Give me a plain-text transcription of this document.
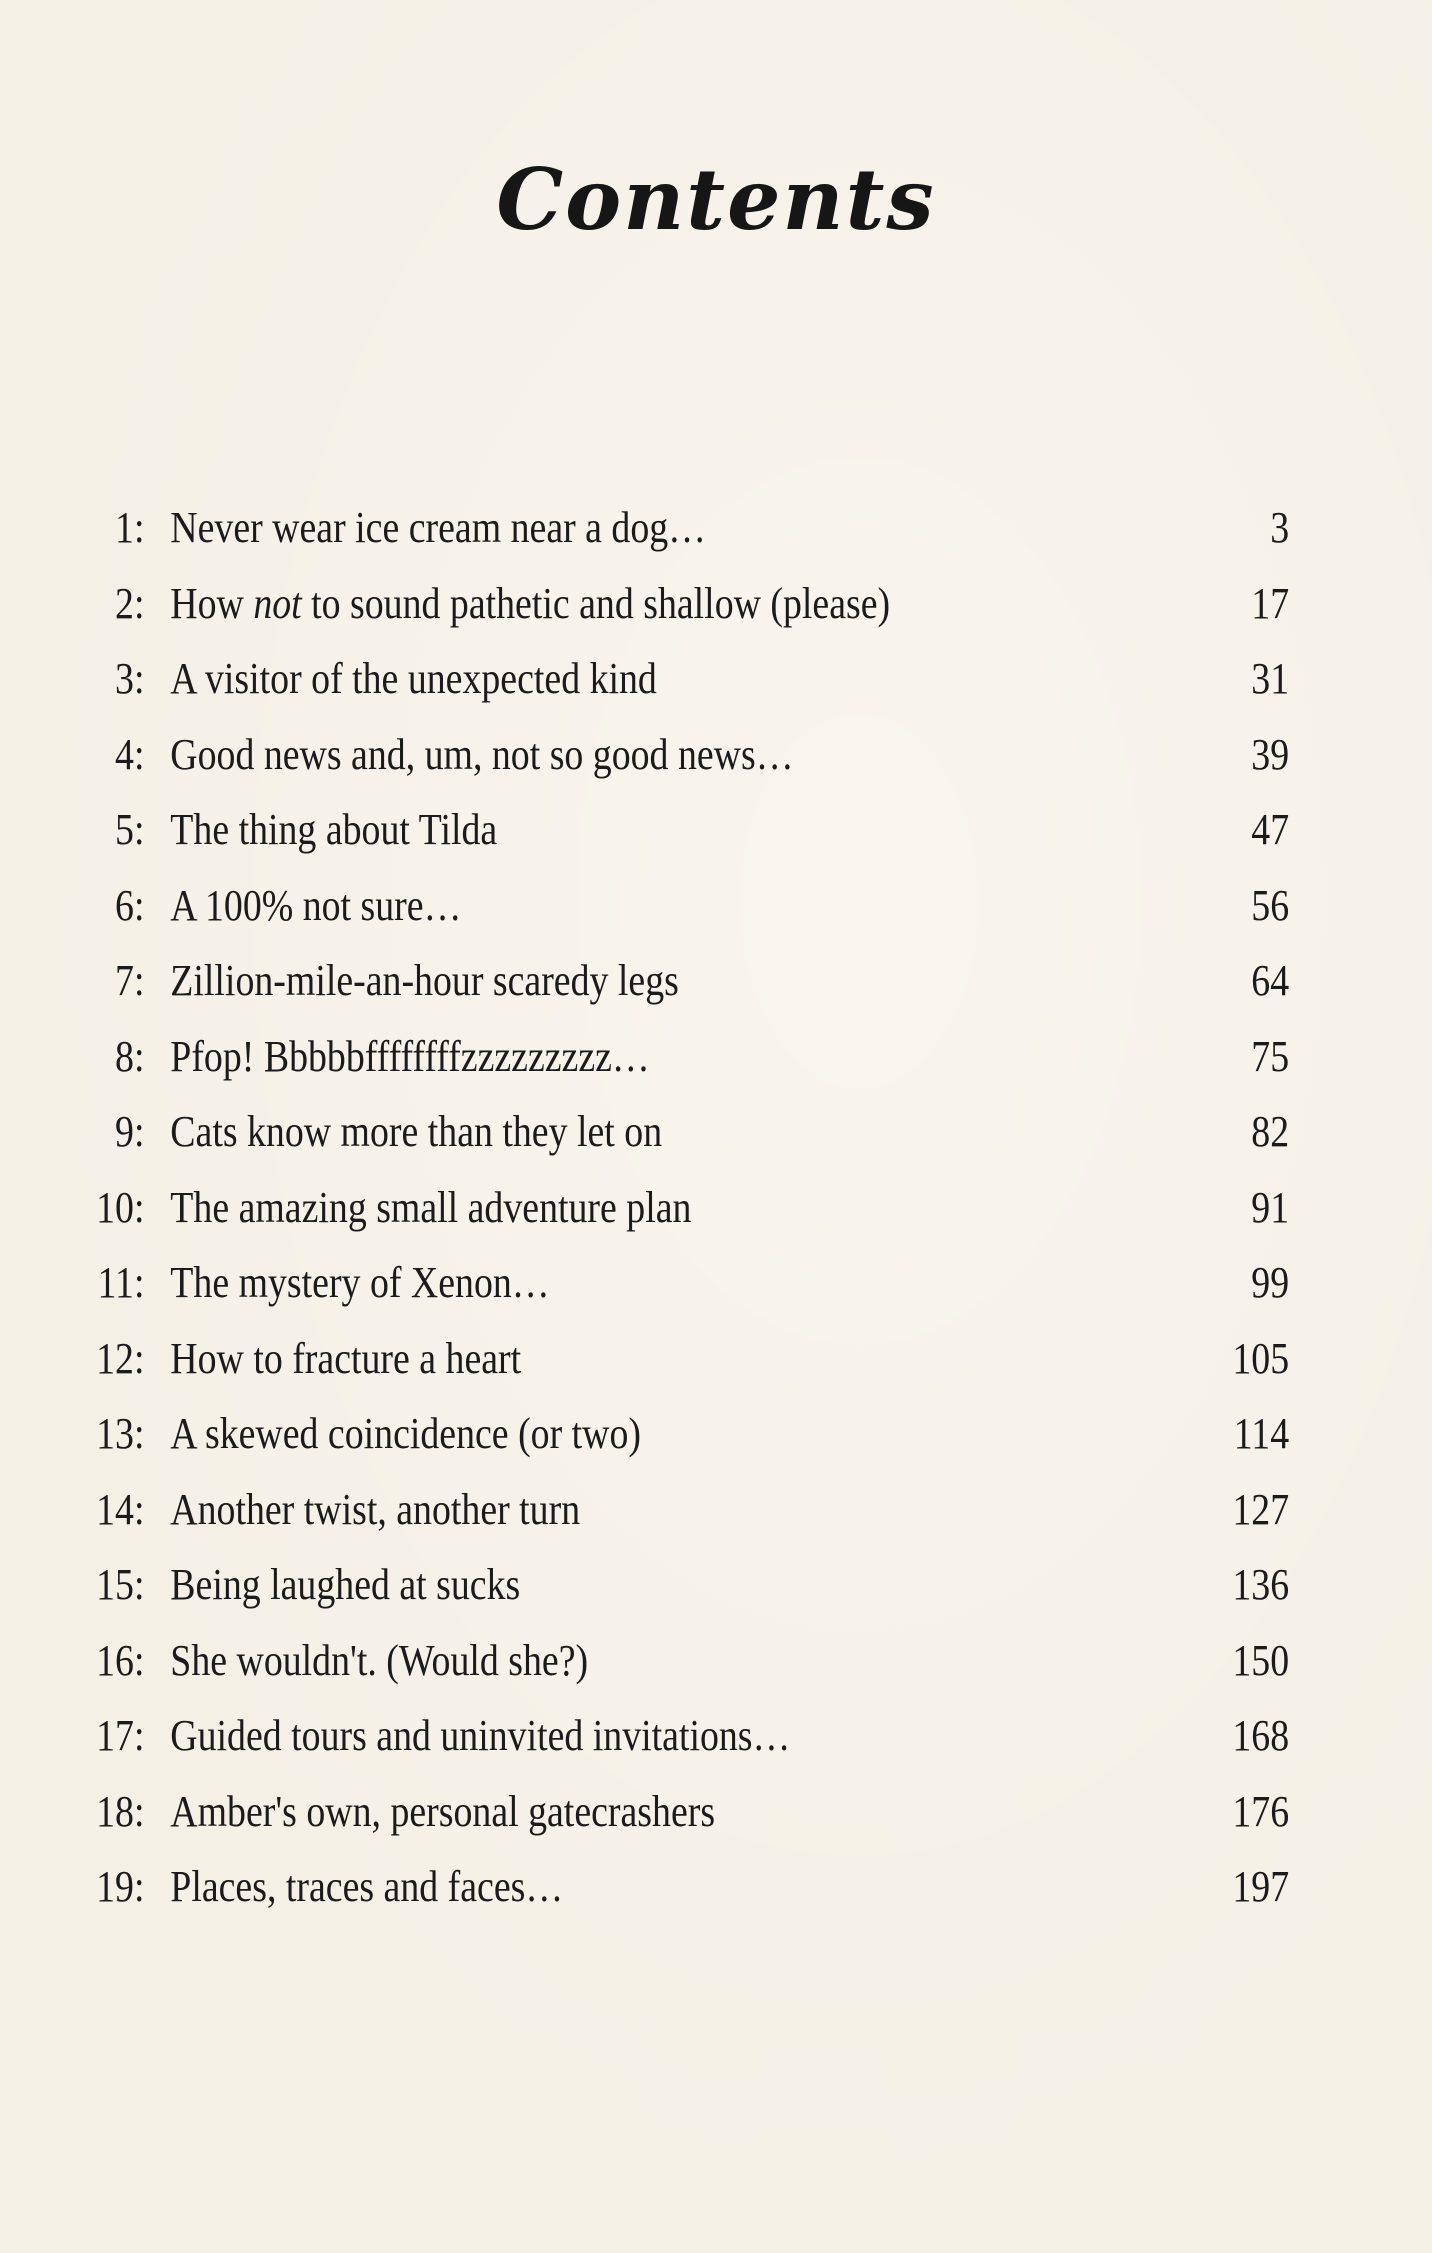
Contents
1: Never wear ice cream near a dog…	3
2: How not to sound pathetic and shallow (please)	17
3: A visitor of the unexpected kind	31
4: Good news and, um, not so good news…	39
5: The thing about Tilda	47
6: A 100% not sure…	56
7: Zillion-mile-an-hour scaredy legs	64
8: Pfop! Bbbbbffffffffzzzzzzzzz…	75
9: Cats know more than they let on	82
10: The amazing small adventure plan	91
11: The mystery of Xenon…	99
12: How to fracture a heart	105
13: A skewed coincidence (or two)	114
14: Another twist, another turn	127
15: Being laughed at sucks	136
16: She wouldn't. (Would she?)	150
17: Guided tours and uninvited invitations…	168
18: Amber's own, personal gatecrashers	176
19: Places, traces and faces…	197
